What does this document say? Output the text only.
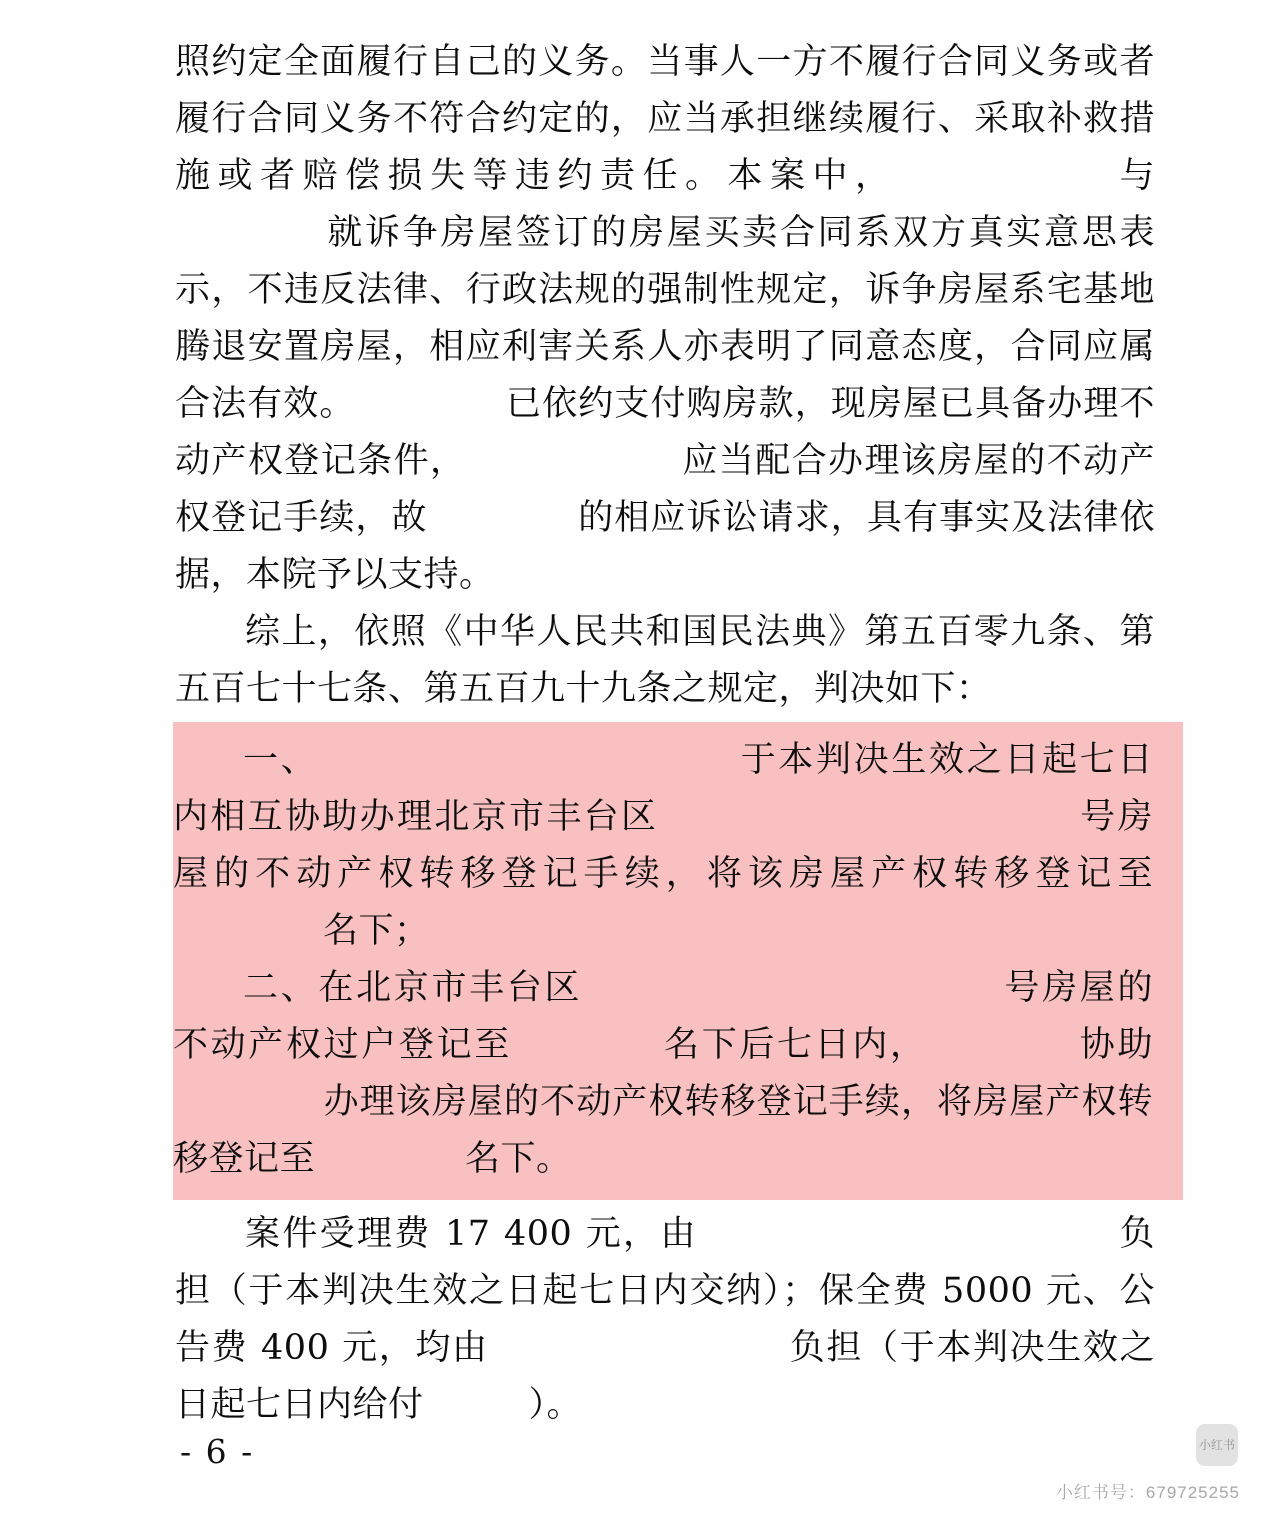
照约定全面履行自己的义务。当事人一方不履行合同义务或者履行合同义务不符合约定的，应当承担继续履行、采取补救措施或者赔偿损失等违约责任。本案中，	与 就诉争房屋签订的房屋买卖合同系双方真实意思表示，不违反法律、行政法规的强制性规定，诉争房屋系宅基地腾退安置房屋，相应利害关系人亦表明了同意态度，合同应属合法有效。	已依约支付购房款，现房屋已具备办理不动产权登记条件，	应当配合办理该房屋的不动产权登记手续，故	的相应诉讼请求，具有事实及法律依据，本院予以支持。

综上，依照《中华人民共和国民法典》第五百零九条、第五百七十七条、第五百九十九条之规定，判决如下：

一、	于本判决生效之日起七日内相互协助办理北京市丰台区	号房屋的不动产权转移登记手续，将该房屋产权转移登记至 名下；

二、在北京市丰台区	号房屋的不动产权过户登记至	名下后七日内，	协助 办理该房屋的不动产权转移登记手续，将房屋产权转移登记至	名下。

案件受理费 17 400 元，由	负担（于本判决生效之日起七日内交纳）；保全费 5000 元、公告费 400 元，均由	负担（于本判决生效之日起七日内给付	）。

- 6 -	小红书
小红书号：679725255
